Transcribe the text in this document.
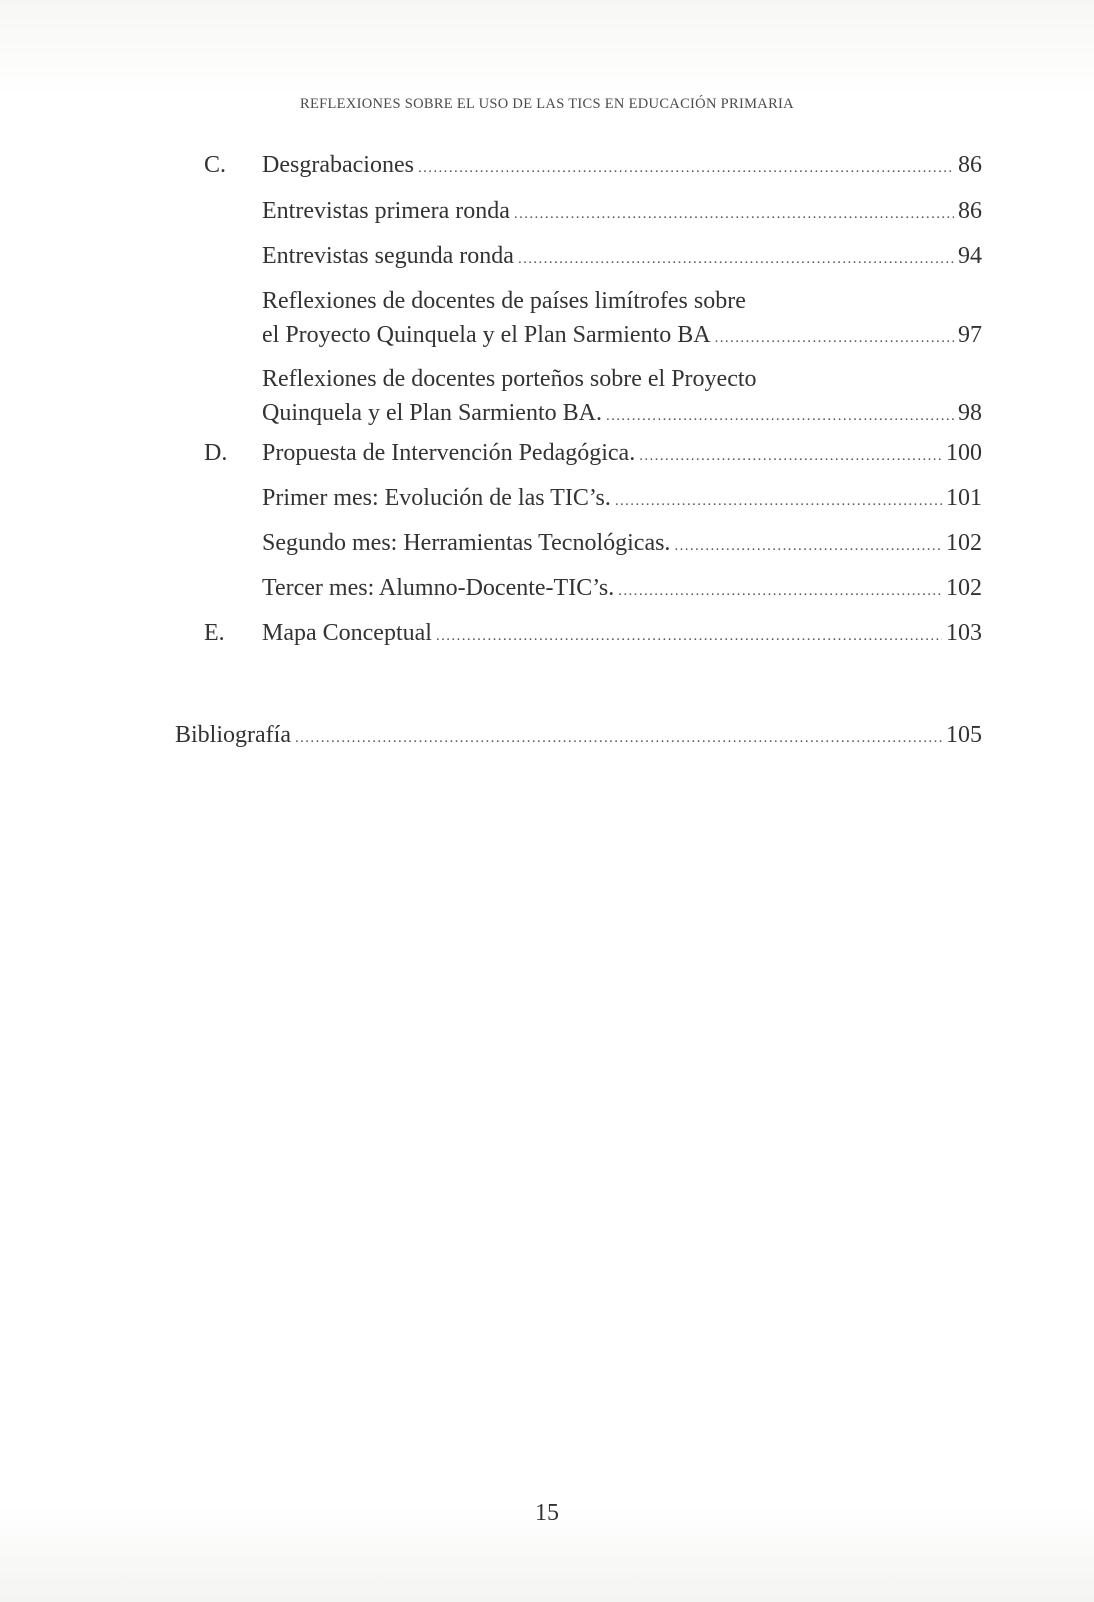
REFLEXIONES SOBRE EL USO DE LAS TICS EN EDUCACIÓN PRIMARIA
C. Desgrabaciones .....	86
Entrevistas primera ronda .....	86
Entrevistas segunda ronda .....	94
Reflexiones de docentes de países limítrofes sobre
el Proyecto Quinquela y el Plan Sarmiento BA .....	97
Reflexiones de docentes porteños sobre el Proyecto
Quinquela y el Plan Sarmiento BA. .....	98
D. Propuesta de Intervención Pedagógica. .....	100
Primer mes: Evolución de las TIC’s. .....	101
Segundo mes: Herramientas Tecnológicas. .....	102
Tercer mes: Alumno-Docente-TIC’s. .....	102
E. Mapa Conceptual .....	103
Bibliografía .....	105
15
